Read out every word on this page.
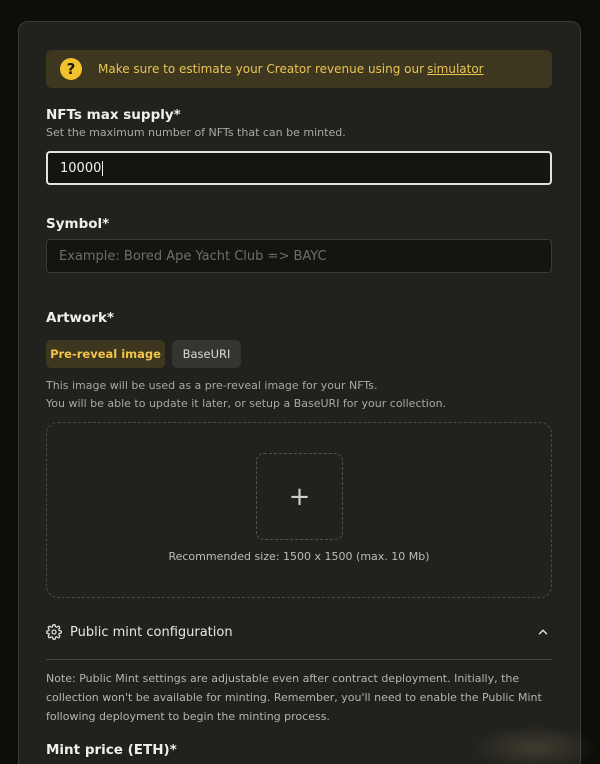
?	Make sure to estimate your Creator revenue using our simulator
NFTs max supply*
Set the maximum number of NFTs that can be minted.
10000
Symbol*
Example: Bored Ape Yacht Club => BAYC
Artwork*
Pre-reveal image	BaseURI
This image will be used as a pre-reveal image for your NFTs.
You will be able to update it later, or setup a BaseURI for your collection.
+
Recommended size: 1500 x 1500 (max. 10 Mb)
Public mint configuration
Note: Public Mint settings are adjustable even after contract deployment. Initially, the collection won't be available for minting. Remember, you'll need to enable the Public Mint following deployment to begin the minting process.
Mint price (ETH)*
